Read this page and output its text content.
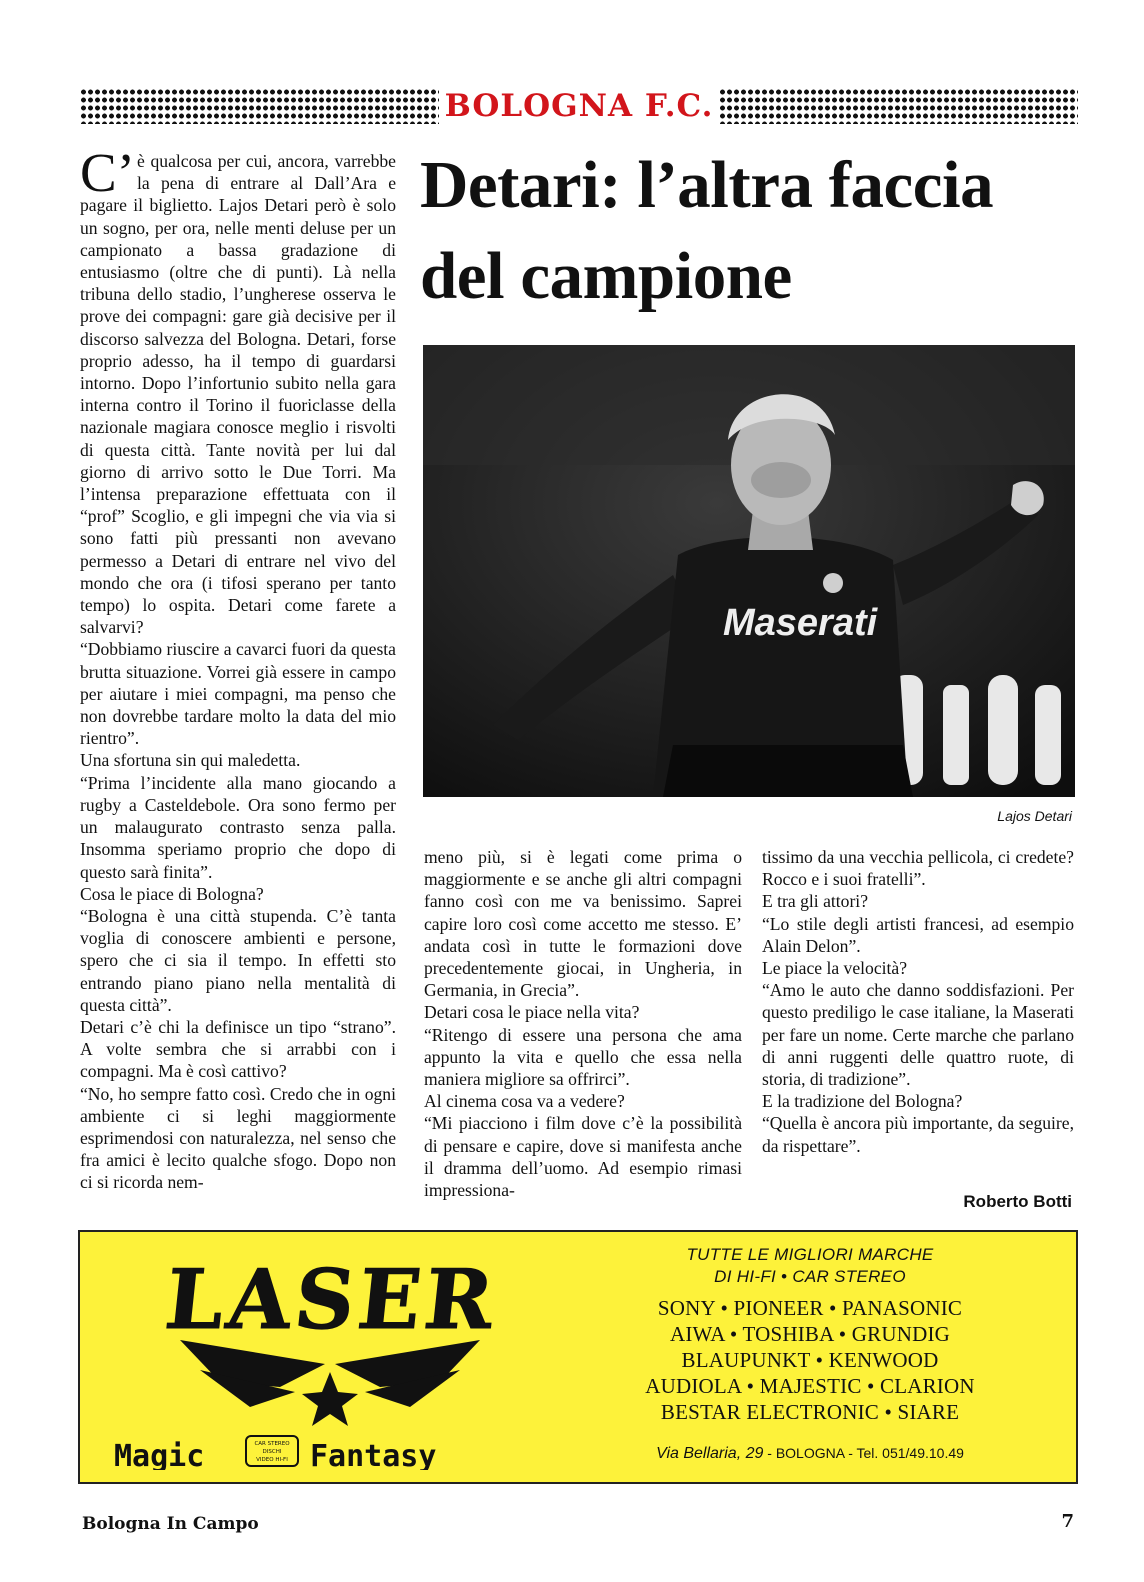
BOLOGNA F.C.

C’è qualcosa per cui, ancora, varrebbe la pena di entrare al Dall’Ara e pagare il biglietto. Lajos Detari però è solo un sogno, per ora, nelle menti deluse per un campionato a bassa gradazione di entusiasmo (oltre che di punti). Là nella tribuna dello stadio, l’ungherese osserva le prove dei compagni: gare già decisive per il discorso salvezza del Bologna. Detari, forse proprio adesso, ha il tempo di guardarsi intorno. Dopo l’infortunio subito nella gara interna contro il Torino il fuoriclasse della nazionale magiara conosce meglio i risvolti di questa città. Tante novità per lui dal giorno di arrivo sotto le Due Torri. Ma l’intensa preparazione effettuata con il “prof” Scoglio, e gli impegni che via via si sono fatti più pressanti non avevano permesso a Detari di entrare nel vivo del mondo che ora (i tifosi sperano per tanto tempo) lo ospita. Detari come farete a salvarvi?

“Dobbiamo riuscire a cavarci fuori da questa brutta situazione. Vorrei già essere in campo per aiutare i miei compagni, ma penso che non dovrebbe tardare molto la data del mio rientro”.

Una sfortuna sin qui maledetta.

“Prima l’incidente alla mano giocando a rugby a Casteldebole. Ora sono fermo per un malaugurato contrasto senza palla. Insomma speriamo proprio che dopo di questo sarà finita”.

Cosa le piace di Bologna?

“Bologna è una città stupenda. C’è tanta voglia di conoscere ambienti e persone, spero che ci sia il tempo. In effetti sto entrando piano piano nella mentalità di questa città”.

Detari c’è chi la definisce un tipo “strano”. A volte sembra che si arrabbi con i compagni. Ma è così cattivo?

“No, ho sempre fatto così. Credo che in ogni ambiente ci si leghi maggiormente esprimendosi con naturalezza, nel senso che fra amici è lecito qualche sfogo. Dopo non ci si ricorda nem-

Detari: l’altra faccia del campione
Maserati
Lajos Detari

meno più, si è legati come prima o maggiormente e se anche gli altri compagni fanno così con me va benissimo. Saprei capire loro così come accetto me stesso. E’ andata così in tutte le formazioni dove precedentemente giocai, in Ungheria, in Germania, in Grecia”.

Detari cosa le piace nella vita?

“Ritengo di essere una persona che ama appunto la vita e quello che essa nella maniera migliore sa offrirci”.

Al cinema cosa va a vedere?

“Mi piacciono i film dove c’è la possibilità di pensare e capire, dove si manifesta anche il dramma dell’uomo. Ad esempio rimasi impressiona-

tissimo da una vecchia pellicola, ci credete? Rocco e i suoi fratelli”.

E tra gli attori?

“Lo stile degli artisti francesi, ad esempio Alain Delon”.

Le piace la velocità?

“Amo le auto che danno soddisfazioni. Per questo prediligo le case italiane, la Maserati per fare un nome. Certe marche che parlano di anni ruggenti delle quattro ruote, di storia, di tradizione”.

E la tradizione del Bologna?

“Quella è ancora più importante, da seguire, da rispettare”.

Roberto Botti
LASER
Magic	CAR STEREO
DISCHI
VIDEO HI-FI Fantasy
TUTTE LE MIGLIORI MARCHE
DI HI-FI • CAR STEREO
SONY • PIONEER • PANASONIC
AIWA • TOSHIBA • GRUNDIG
BLAUPUNKT • KENWOOD
AUDIOLA • MAJESTIC • CLARION
BESTAR ELECTRONIC • SIARE
Via Bellaria, 29 - BOLOGNA - Tel. 051/49.10.49
Bologna In Campo	7
